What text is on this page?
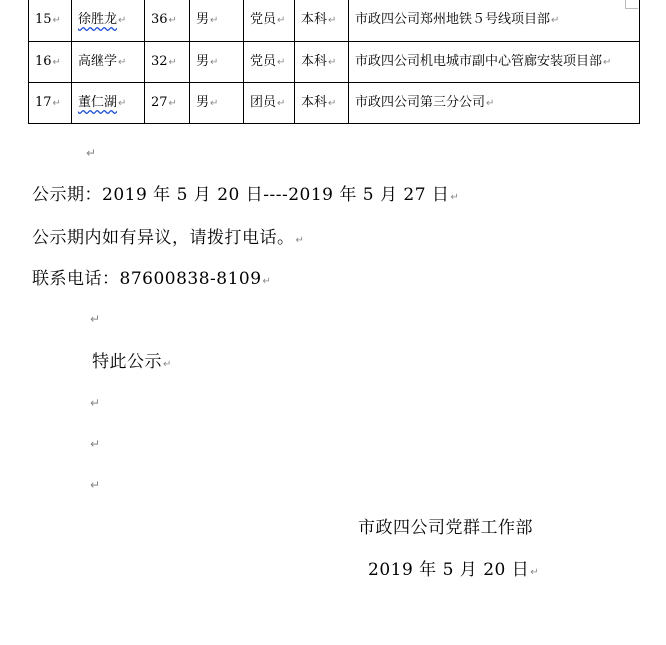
15↵	徐胜龙↵	36↵	男↵	党员↵	本科↵	市政四公司郑州地铁５号线项目部↵
16↵	高继学↵	32↵	男↵	党员↵	本科↵	市政四公司机电城市副中心管廊安装项目部↵
17↵	董仁湖↵	27↵	男↵	团员↵	本科↵	市政四公司第三分公司↵
↵
公示期：2019 年 5 月 20 日----2019 年 5 月 27 日↵
公示期内如有异议，请拨打电话。↵
联系电话：87600838-8109↵
↵
特此公示↵
↵
↵
↵
市政四公司党群工作部
2019 年 5 月 20 日↵
